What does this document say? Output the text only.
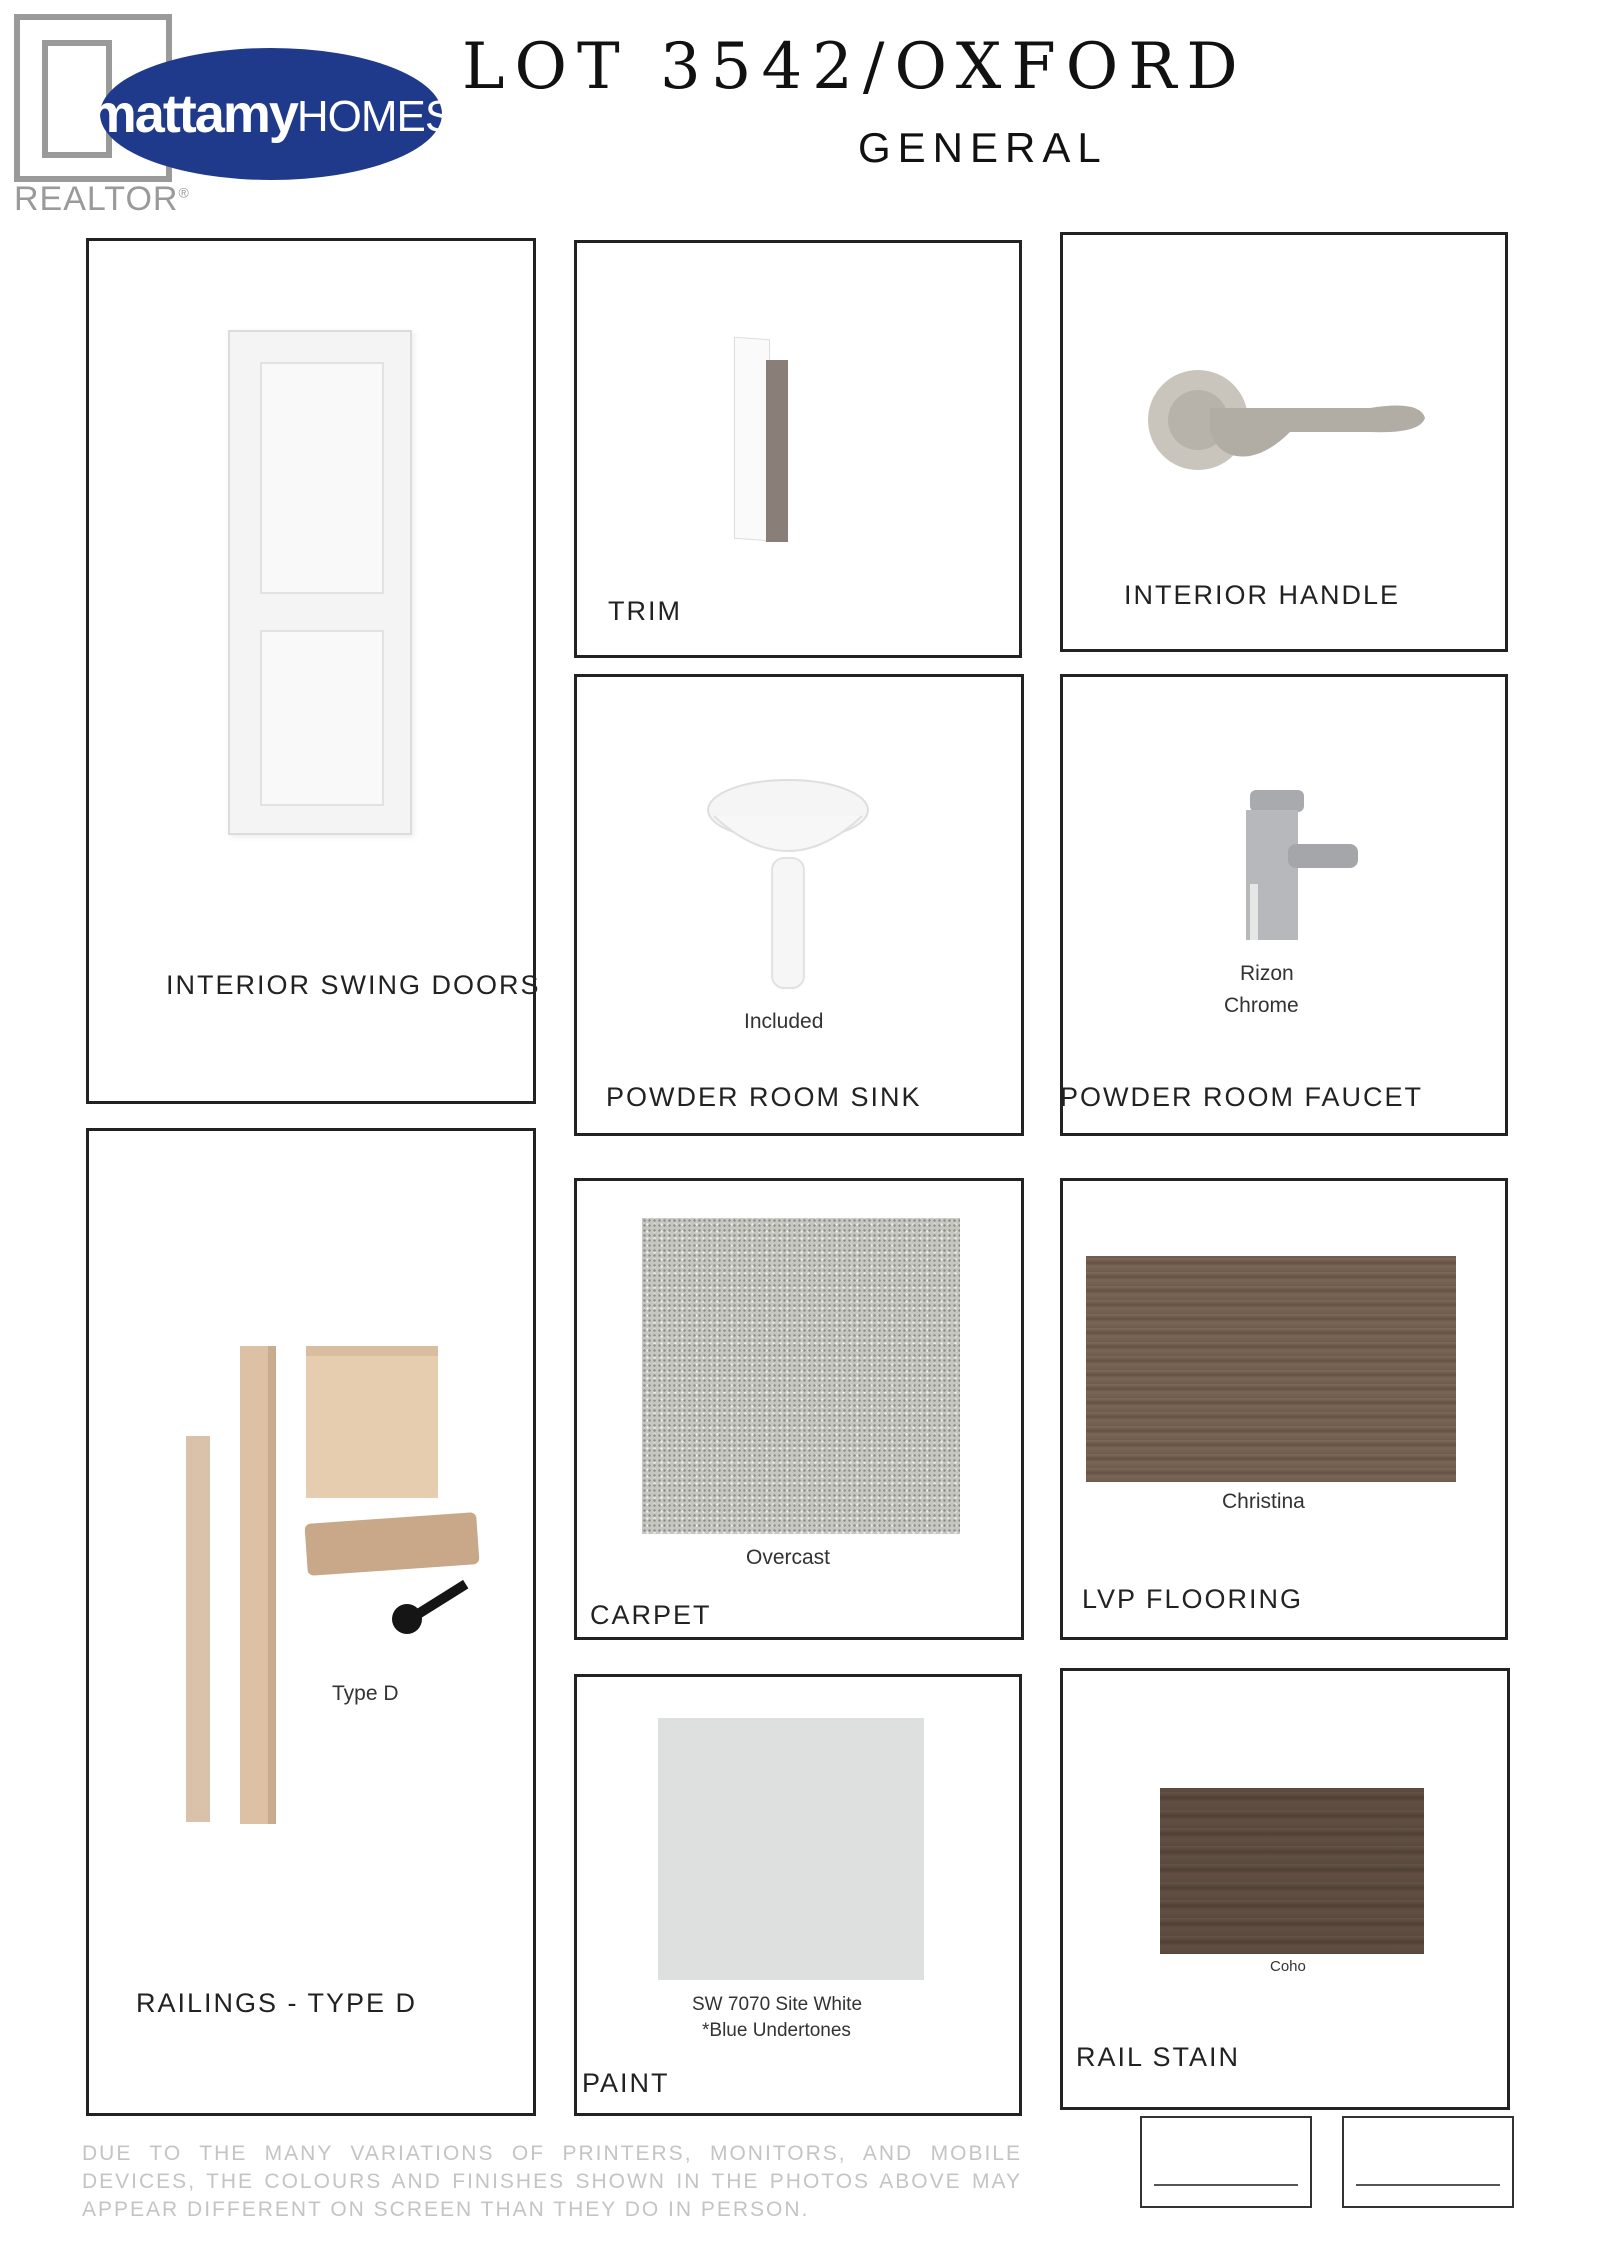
REALTOR®
mattamy HOMES
LOT 3542/OXFORD
GENERAL
INTERIOR SWING DOORS
TRIM
INTERIOR HANDLE
Included
POWDER ROOM SINK
Rizon
Chrome
POWDER ROOM FAUCET
Type D
RAILINGS - TYPE D
Overcast
CARPET
Christina
LVP FLOORING
SW 7070 Site White
*Blue Undertones
PAINT
Coho
RAIL STAIN
DUE TO THE MANY VARIATIONS OF PRINTERS, MONITORS, AND MOBILE DEVICES, THE COLOURS AND FINISHES SHOWN IN THE PHOTOS ABOVE MAY APPEAR DIFFERENT ON SCREEN THAN THEY DO IN PERSON.
